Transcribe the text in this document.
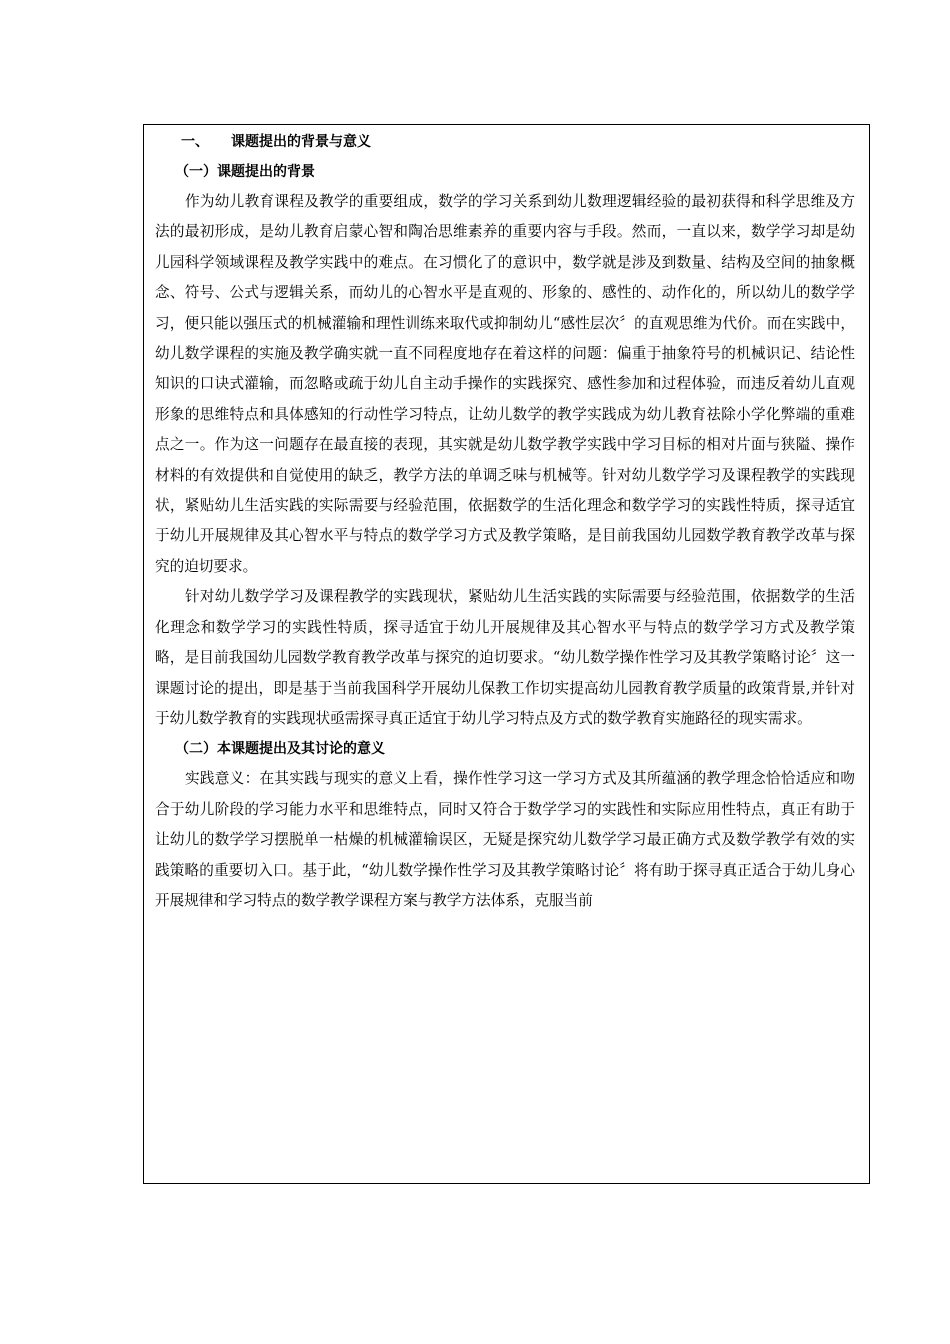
一、 课题提出的背景与意义
（一）课题提出的背景

作为幼儿教育课程及教学的重要组成，数学的学习关系到幼儿数理逻辑经验的最初获得和科学思维及方法的最初形成，是幼儿教育启蒙心智和陶冶思维素养的重要内容与手段。然而，一直以来，数学学习却是幼儿园科学领域课程及教学实践中的难点。在习惯化了的意识中，数学就是涉及到数量、结构及空间的抽象概念、符号、公式与逻辑关系，而幼儿的心智水平是直观的、形象的、感性的、动作化的，所以幼儿的数学学习，便只能以强压式的机械灌输和理性训练来取代或抑制幼儿“感性层次〞的直观思维为代价。而在实践中，幼儿数学课程的实施及教学确实就一直不同程度地存在着这样的问题：偏重于抽象符号的机械识记、结论性知识的口诀式灌输，而忽略或疏于幼儿自主动手操作的实践探究、感性参加和过程体验，而违反着幼儿直观形象的思维特点和具体感知的行动性学习特点，让幼儿数学的教学实践成为幼儿教育祛除小学化弊端的重难点之一。作为这一问题存在最直接的表现，其实就是幼儿数学教学实践中学习目标的相对片面与狭隘、操作材料的有效提供和自觉使用的缺乏，教学方法的单调乏味与机械等。针对幼儿数学学习及课程教学的实践现状，紧贴幼儿生活实践的实际需要与经验范围，依据数学的生活化理念和数学学习的实践性特质，探寻适宜于幼儿开展规律及其心智水平与特点的数学学习方式及教学策略，是目前我国幼儿园数学教育教学改革与探究的迫切要求。

针对幼儿数学学习及课程教学的实践现状，紧贴幼儿生活实践的实际需要与经验范围，依据数学的生活化理念和数学学习的实践性特质，探寻适宜于幼儿开展规律及其心智水平与特点的数学学习方式及教学策略，是目前我国幼儿园数学教育教学改革与探究的迫切要求。“幼儿数学操作性学习及其教学策略讨论〞这一课题讨论的提出，即是基于当前我国科学开展幼儿保教工作切实提高幼儿园教育教学质量的政策背景,并针对于幼儿数学教育的实践现状亟需探寻真正适宜于幼儿学习特点及方式的数学教育实施路径的现实需求。

（二）本课题提出及其讨论的意义

实践意义：在其实践与现实的意义上看，操作性学习这一学习方式及其所蕴涵的教学理念恰恰适应和吻合于幼儿阶段的学习能力水平和思维特点，同时又符合于数学学习的实践性和实际应用性特点，真正有助于让幼儿的数学学习摆脱单一枯燥的机械灌输误区，无疑是探究幼儿数学学习最正确方式及数学教学有效的实践策略的重要切入口。基于此，“幼儿数学操作性学习及其教学策略讨论〞将有助于探寻真正适合于幼儿身心开展规律和学习特点的数学教学课程方案与教学方法体系，克服当前
